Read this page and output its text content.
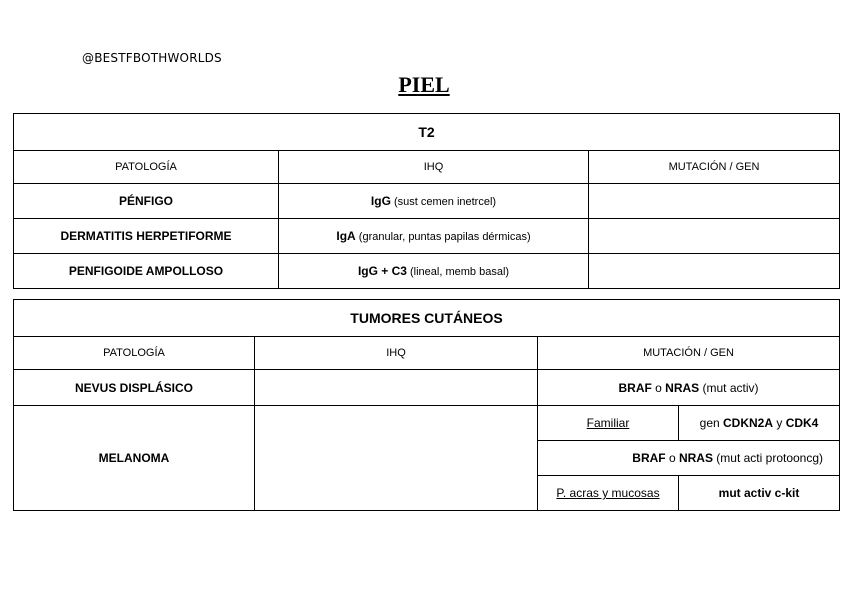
@BESTFBOTHWORLDS
PIEL
T2		
PATOLOGÍA	IHQ	MUTACIÓN / GEN
PÉNFIGO	IgG (sust cemen inetrcel)	
DERMATITIS HERPETIFORME	IgA (granular, puntas papilas dérmicas)	
PENFIGOIDE AMPOLLOSO	IgG + C3 (lineal, memb basal)	
TUMORES CUTÁNEOS			
PATOLOGÍA	IHQ	MUTACIÓN / GEN	
NEVUS DISPLÁSICO		BRAF o NRAS (mut activ)	
MELANOMA		Familiar	gen CDKN2A y CDK4
		BRAF o NRAS (mut acti protooncg)	
		P. acras y mucosas	mut activ c-kit
